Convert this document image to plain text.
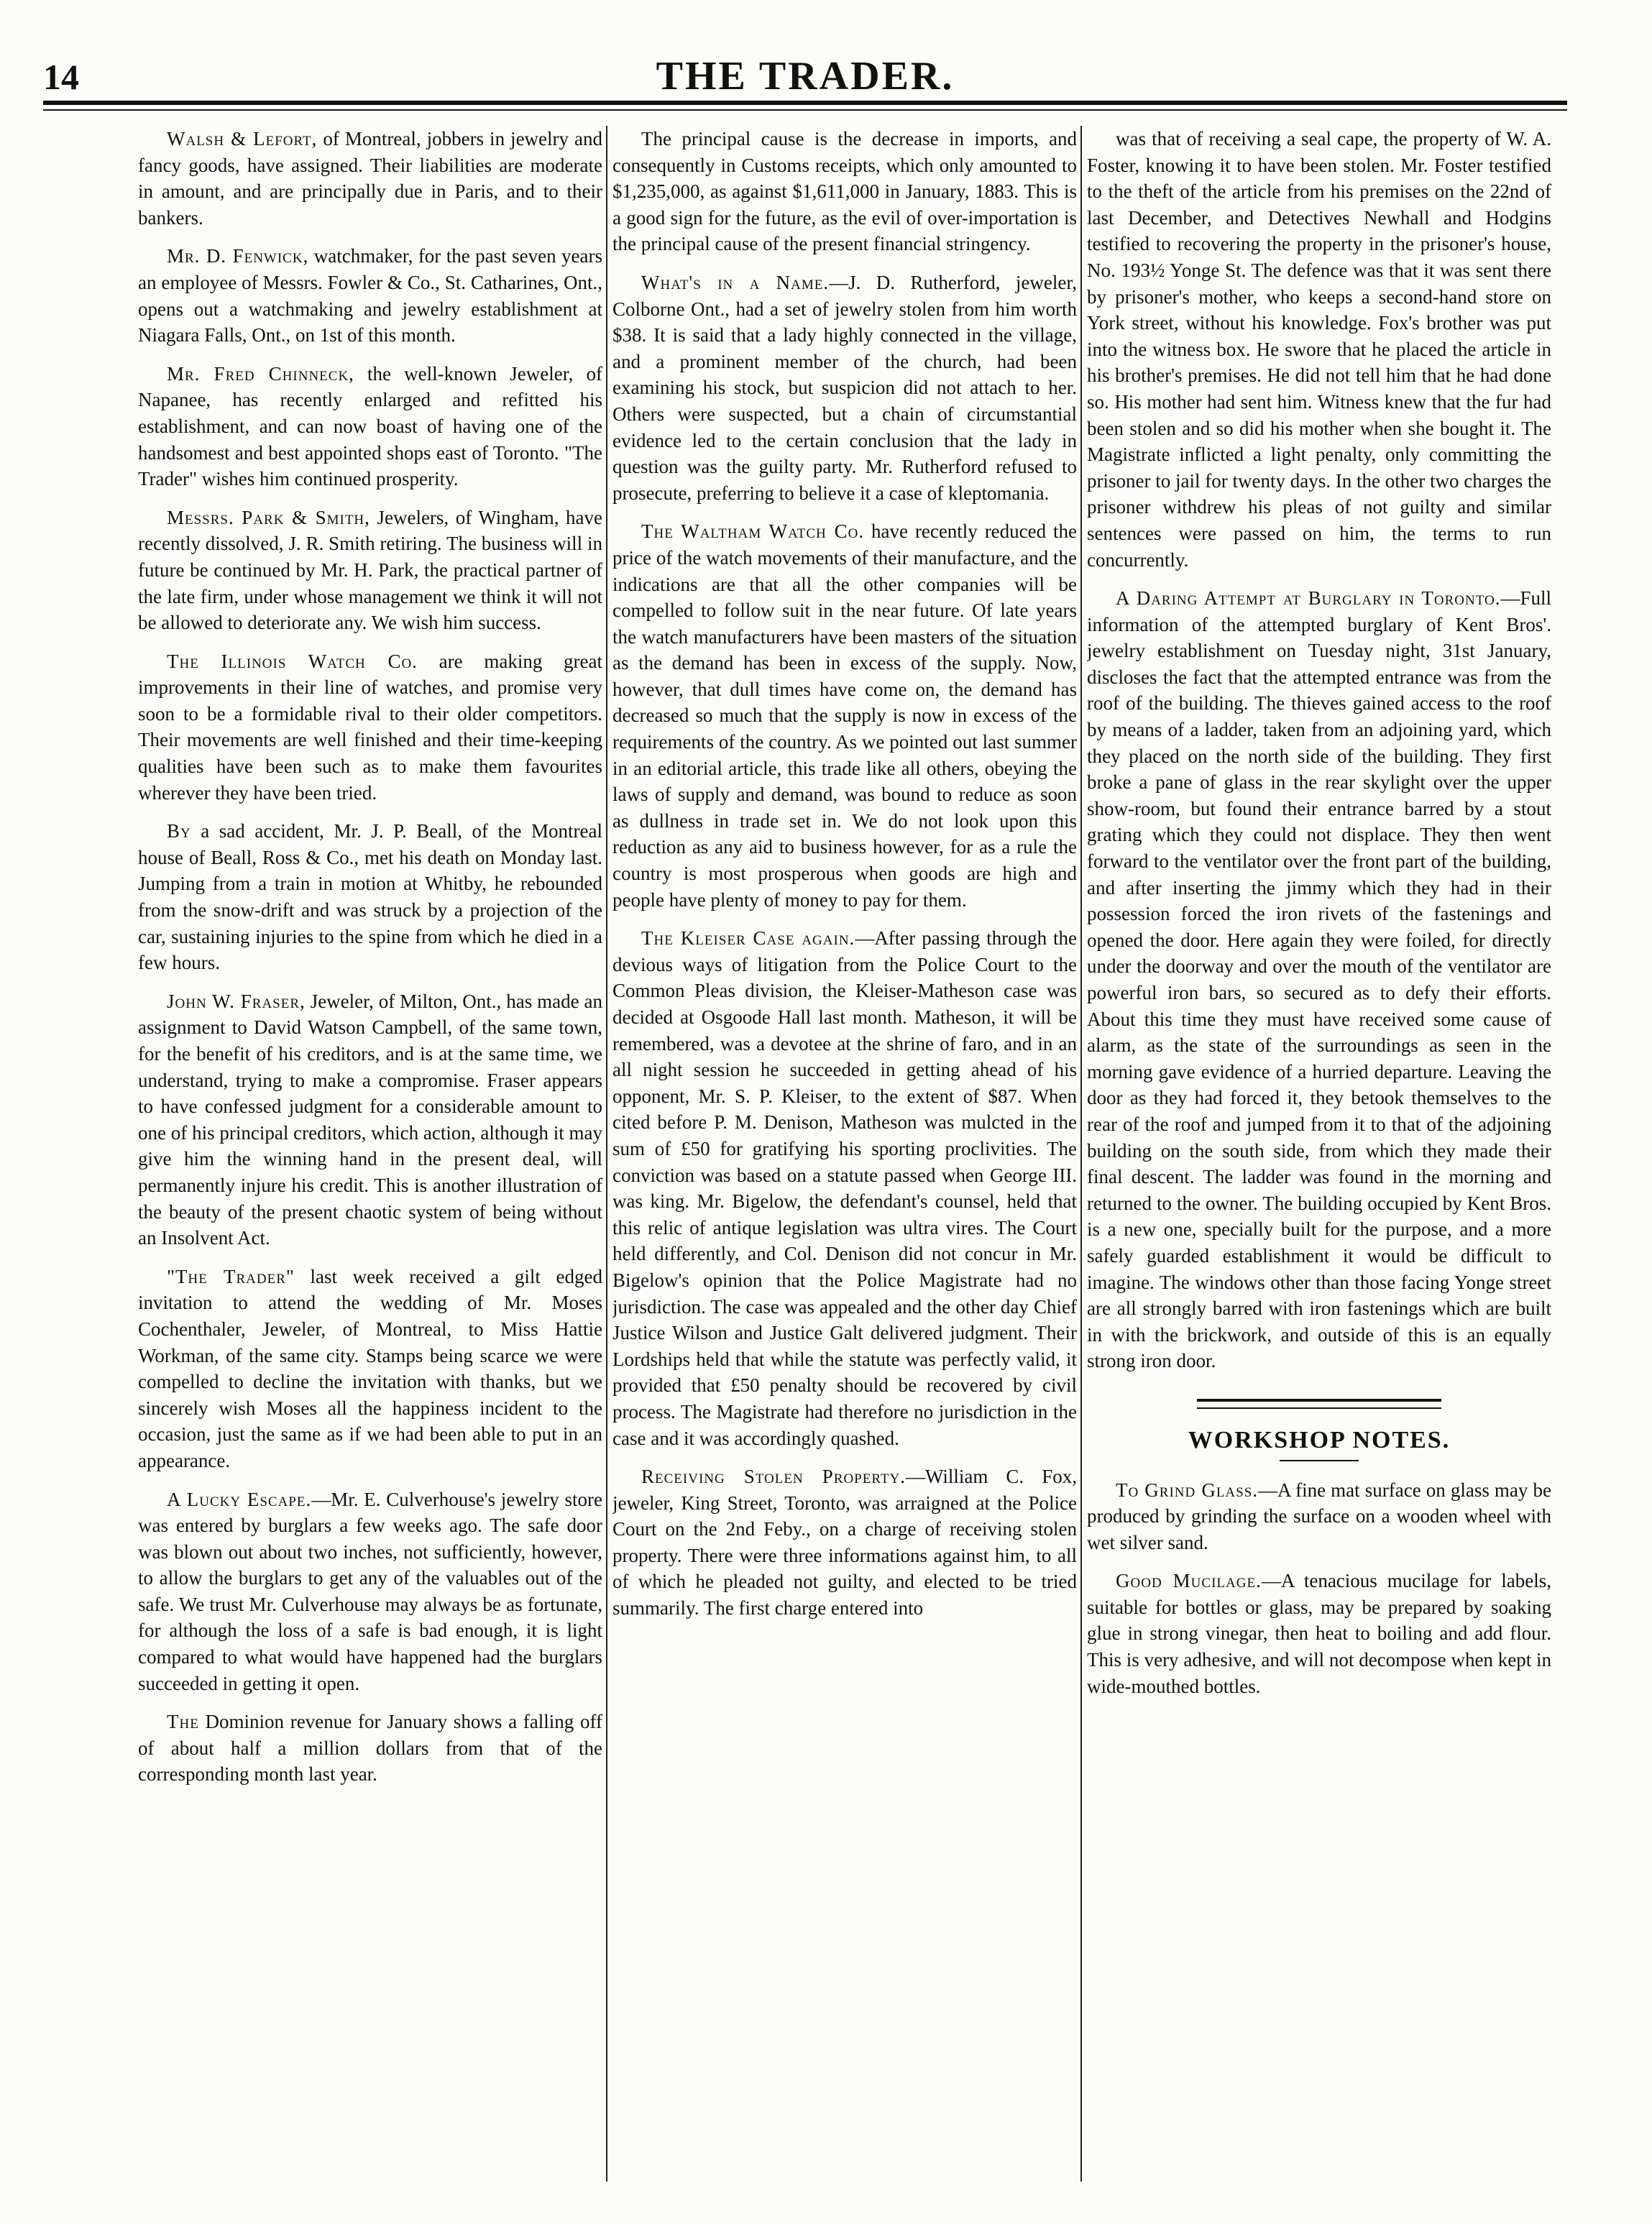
14	THE TRADER.

Walsh & Lefort, of Montreal, jobbers in jewelry and fancy goods, have assigned. Their liabilities are moderate in amount, and are principally due in Paris, and to their bankers.

Mr. D. Fenwick, watchmaker, for the past seven years an employee of Messrs. Fowler & Co., St. Catharines, Ont., opens out a watchmaking and jewelry establishment at Niagara Falls, Ont., on 1st of this month.

Mr. Fred Chinneck, the well-known Jeweler, of Napanee, has recently enlarged and refitted his establishment, and can now boast of having one of the handsomest and best appointed shops east of Toronto. "The Trader" wishes him continued prosperity.

Messrs. Park & Smith, Jewelers, of Wingham, have recently dissolved, J. R. Smith retiring. The business will in future be continued by Mr. H. Park, the practical partner of the late firm, under whose management we think it will not be allowed to deteriorate any. We wish him success.

The Illinois Watch Co. are making great improvements in their line of watches, and promise very soon to be a formidable rival to their older competitors. Their movements are well finished and their time-keeping qualities have been such as to make them favourites wherever they have been tried.

By a sad accident, Mr. J. P. Beall, of the Montreal house of Beall, Ross & Co., met his death on Monday last. Jumping from a train in motion at Whitby, he rebounded from the snow-drift and was struck by a projection of the car, sustaining injuries to the spine from which he died in a few hours.

John W. Fraser, Jeweler, of Milton, Ont., has made an assignment to David Watson Campbell, of the same town, for the benefit of his creditors, and is at the same time, we understand, trying to make a compromise. Fraser appears to have confessed judgment for a considerable amount to one of his principal creditors, which action, although it may give him the winning hand in the present deal, will permanently injure his credit. This is another illustration of the beauty of the present chaotic system of being without an Insolvent Act.

"The Trader" last week received a gilt edged invitation to attend the wedding of Mr. Moses Cochenthaler, Jeweler, of Montreal, to Miss Hattie Workman, of the same city. Stamps being scarce we were compelled to decline the invitation with thanks, but we sincerely wish Moses all the happiness incident to the occasion, just the same as if we had been able to put in an appearance.

A Lucky Escape.—Mr. E. Culverhouse's jewelry store was entered by burglars a few weeks ago. The safe door was blown out about two inches, not sufficiently, however, to allow the burglars to get any of the valuables out of the safe. We trust Mr. Culverhouse may always be as fortunate, for although the loss of a safe is bad enough, it is light compared to what would have happened had the burglars succeeded in getting it open.

The Dominion revenue for January shows a falling off of about half a million dollars from that of the corresponding month last year.

The principal cause is the decrease in imports, and consequently in Customs receipts, which only amounted to $1,235,000, as against $1,611,000 in January, 1883. This is a good sign for the future, as the evil of over-importation is the principal cause of the present financial stringency.

What's in a Name.—J. D. Rutherford, jeweler, Colborne Ont., had a set of jewelry stolen from him worth $38. It is said that a lady highly connected in the village, and a prominent member of the church, had been examining his stock, but suspicion did not attach to her. Others were suspected, but a chain of circumstantial evidence led to the certain conclusion that the lady in question was the guilty party. Mr. Rutherford refused to prosecute, preferring to believe it a case of kleptomania.

The Waltham Watch Co. have recently reduced the price of the watch movements of their manufacture, and the indications are that all the other companies will be compelled to follow suit in the near future. Of late years the watch manufacturers have been masters of the situation as the demand has been in excess of the supply. Now, however, that dull times have come on, the demand has decreased so much that the supply is now in excess of the requirements of the country. As we pointed out last summer in an editorial article, this trade like all others, obeying the laws of supply and demand, was bound to reduce as soon as dullness in trade set in. We do not look upon this reduction as any aid to business however, for as a rule the country is most prosperous when goods are high and people have plenty of money to pay for them.

The Kleiser Case again.—After passing through the devious ways of litigation from the Police Court to the Common Pleas division, the Kleiser-Matheson case was decided at Osgoode Hall last month. Matheson, it will be remembered, was a devotee at the shrine of faro, and in an all night session he succeeded in getting ahead of his opponent, Mr. S. P. Kleiser, to the extent of $87. When cited before P. M. Denison, Matheson was mulcted in the sum of £50 for gratifying his sporting proclivities. The conviction was based on a statute passed when George III. was king. Mr. Bigelow, the defendant's counsel, held that this relic of antique legislation was ultra vires. The Court held differently, and Col. Denison did not concur in Mr. Bigelow's opinion that the Police Magistrate had no jurisdiction. The case was appealed and the other day Chief Justice Wilson and Justice Galt delivered judgment. Their Lordships held that while the statute was perfectly valid, it provided that £50 penalty should be recovered by civil process. The Magistrate had therefore no jurisdiction in the case and it was accordingly quashed.

Receiving Stolen Property.—William C. Fox, jeweler, King Street, Toronto, was arraigned at the Police Court on the 2nd Feby., on a charge of receiving stolen property. There were three informations against him, to all of which he pleaded not guilty, and elected to be tried summarily. The first charge entered into

was that of receiving a seal cape, the property of W. A. Foster, knowing it to have been stolen. Mr. Foster testified to the theft of the article from his premises on the 22nd of last December, and Detectives Newhall and Hodgins testified to recovering the property in the prisoner's house, No. 193½ Yonge St. The defence was that it was sent there by prisoner's mother, who keeps a second-hand store on York street, without his knowledge. Fox's brother was put into the witness box. He swore that he placed the article in his brother's premises. He did not tell him that he had done so. His mother had sent him. Witness knew that the fur had been stolen and so did his mother when she bought it. The Magistrate inflicted a light penalty, only committing the prisoner to jail for twenty days. In the other two charges the prisoner withdrew his pleas of not guilty and similar sentences were passed on him, the terms to run concurrently.

A Daring Attempt at Burglary in Toronto.—Full information of the attempted burglary of Kent Bros'. jewelry establishment on Tuesday night, 31st January, discloses the fact that the attempted entrance was from the roof of the building. The thieves gained access to the roof by means of a ladder, taken from an adjoining yard, which they placed on the north side of the building. They first broke a pane of glass in the rear skylight over the upper show-room, but found their entrance barred by a stout grating which they could not displace. They then went forward to the ventilator over the front part of the building, and after inserting the jimmy which they had in their possession forced the iron rivets of the fastenings and opened the door. Here again they were foiled, for directly under the doorway and over the mouth of the ventilator are powerful iron bars, so secured as to defy their efforts. About this time they must have received some cause of alarm, as the state of the surroundings as seen in the morning gave evidence of a hurried departure. Leaving the door as they had forced it, they betook themselves to the rear of the roof and jumped from it to that of the adjoining building on the south side, from which they made their final descent. The ladder was found in the morning and returned to the owner. The building occupied by Kent Bros. is a new one, specially built for the purpose, and a more safely guarded establishment it would be difficult to imagine. The windows other than those facing Yonge street are all strongly barred with iron fastenings which are built in with the brickwork, and outside of this is an equally strong iron door.

WORKSHOP NOTES.

To Grind Glass.—A fine mat surface on glass may be produced by grinding the surface on a wooden wheel with wet silver sand.

Good Mucilage.—A tenacious mucilage for labels, suitable for bottles or glass, may be prepared by soaking glue in strong vinegar, then heat to boiling and add flour. This is very adhesive, and will not decompose when kept in wide-mouthed bottles.
